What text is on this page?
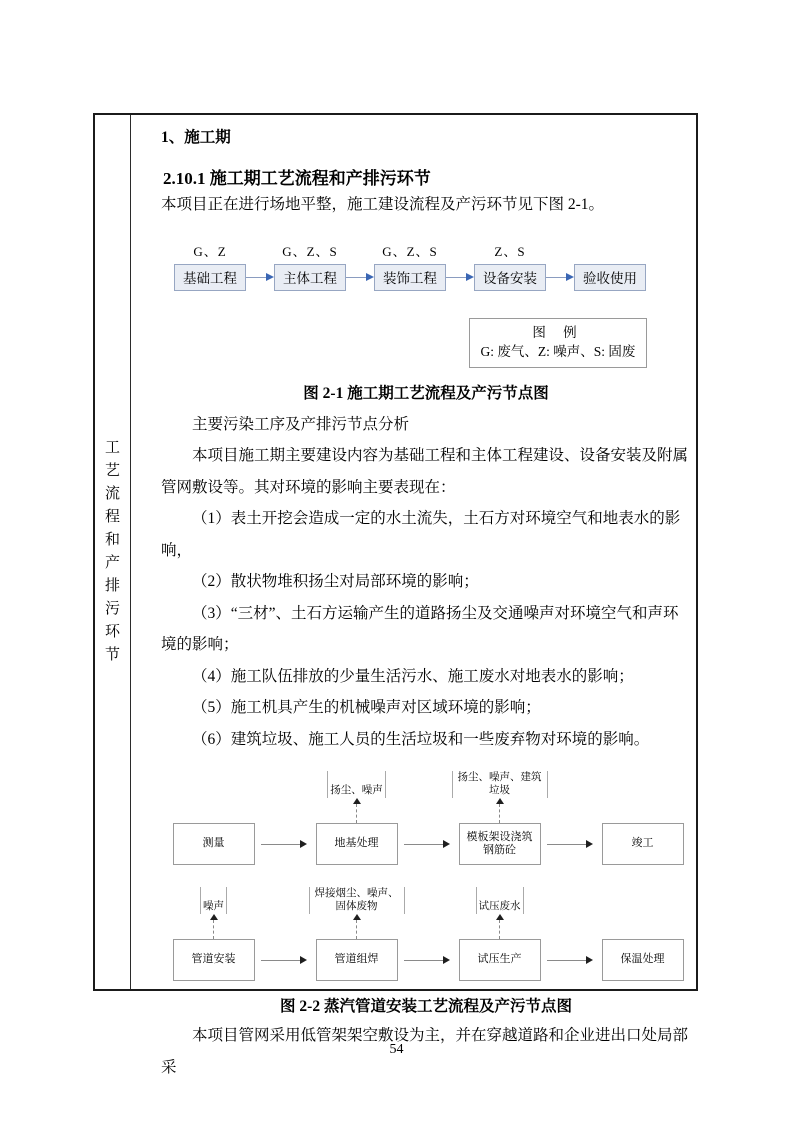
工艺流程和产排污环节
1、施工期
2.10.1 施工期工艺流程和产排污环节

本项目正在进行场地平整，施工建设流程及产污环节见下图 2-1。

G、Z
基础工程
G、Z、S
主体工程
G、Z、S
装饰工程
Z、S
设备安装	验收使用
图 例
G: 废气、Z: 噪声、S: 固废
图 2-1 施工期工艺流程及产污节点图

主要污染工序及产排污节点分析

本项目施工期主要建设内容为基础工程和主体工程建设、设备安装及附属管网敷设等。其对环境的影响主要表现在：

（1）表土开挖会造成一定的水土流失，土石方对环境空气和地表水的影响，

（2）散状物堆积扬尘对局部环境的影响；

（3）“三材”、土石方运输产生的道路扬尘及交通噪声对环境空气和声环境的影响；

（4）施工队伍排放的少量生活污水、施工废水对地表水的影响；

（5）施工机具产生的机械噪声对区域环境的影响；

（6）建筑垃圾、施工人员的生活垃圾和一些废弃物对环境的影响。

测量
扬尘、噪声
地基处理
扬尘、噪声、建筑垃圾
模板架设浇筑钢筋砼
竣工
噪声
管道安装
焊接烟尘、噪声、固体废物
管道组焊
试压废水
试压生产	保温处理
图 2-2 蒸汽管道安装工艺流程及产污节点图

本项目管网采用低管架架空敷设为主，并在穿越道路和企业进出口处局部采

54
